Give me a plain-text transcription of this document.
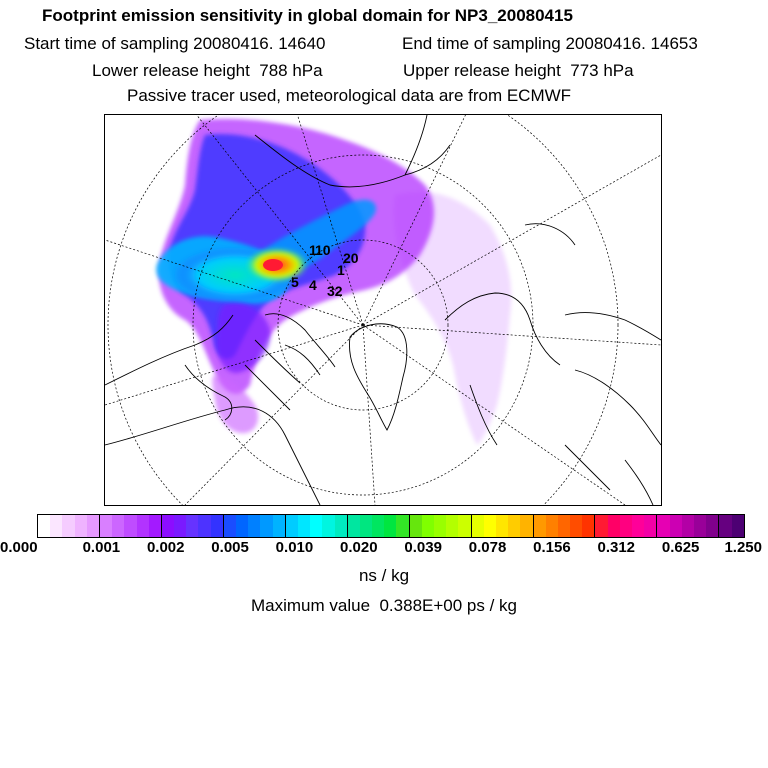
Footprint emission sensitivity in global domain for NP3_20080415
Start time of sampling 20080416. 14640	End time of sampling 20080416. 14653
Lower release height  788 hPa	Upper release height  773 hPa
Passive tracer used, meteorological data are from ECMWF
1
10 20
1
32
4
5
0.000	0.001 0.002 0.005 0.010 0.020 0.039 0.078 0.156 0.312 0.625 1.250
ns / kg
Maximum value  0.388E+00 ps / kg
